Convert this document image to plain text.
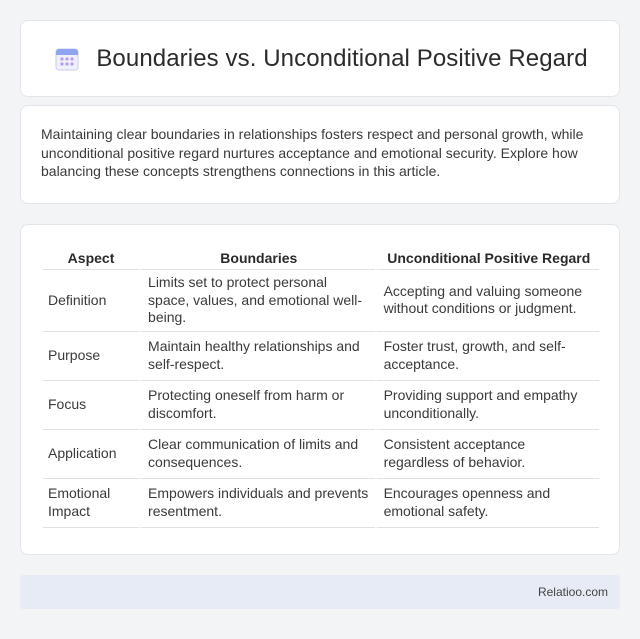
Boundaries vs. Unconditional Positive Regard

Maintaining clear boundaries in relationships fosters respect and personal growth, while unconditional positive regard nurtures acceptance and emotional security. Explore how balancing these concepts strengthens connections in this article.

Aspect	Boundaries	Unconditional Positive Regard
Definition	Limits set to protect personal space, values, and emotional well-being.	Accepting and valuing someone without conditions or judgment.
Purpose	Maintain healthy relationships and self-respect.	Foster trust, growth, and self-acceptance.
Focus	Protecting oneself from harm or discomfort.	Providing support and empathy unconditionally.
Application	Clear communication of limits and consequences.	Consistent acceptance regardless of behavior.
Emotional Impact	Empowers individuals and prevents resentment.	Encourages openness and emotional safety.
Relatioo.com
